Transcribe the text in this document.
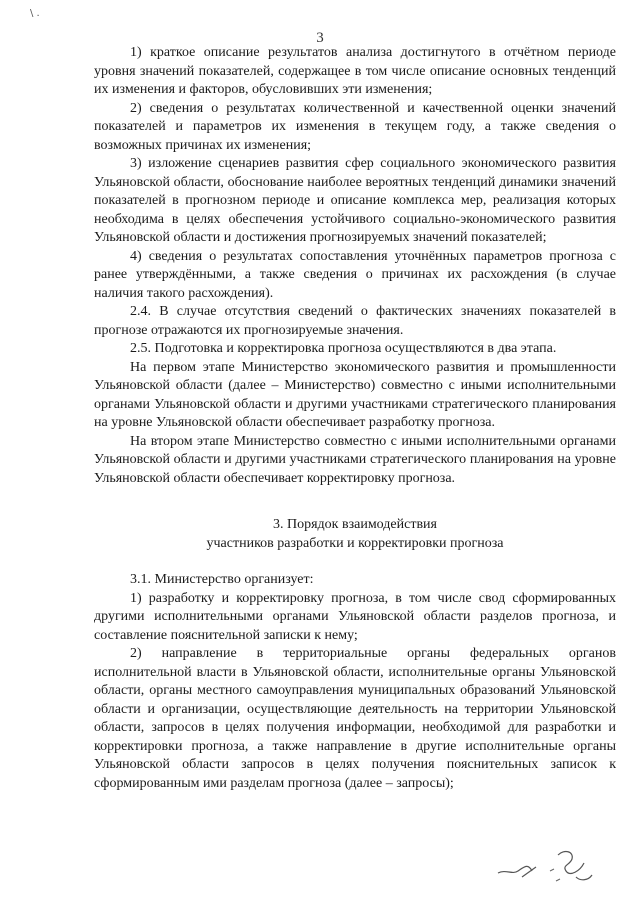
\ .
3

1) краткое описание результатов анализа достигнутого в отчётном периоде уровня значений показателей, содержащее в том числе описание основных тенденций их изменения и факторов, обусловивших эти изменения;

2) сведения о результатах количественной и качественной оценки значений показателей и параметров их изменения в текущем году, а также сведения о возможных причинах их изменения;

3) изложение сценариев развития сфер социального экономического развития Ульяновской области, обоснование наиболее вероятных тенденций динамики значений показателей в прогнозном периоде и описание комплекса мер, реализация которых необходима в целях обеспечения устойчивого социально-экономического развития Ульяновской области и достижения прогнозируемых значений показателей;

4) сведения о результатах сопоставления уточнённых параметров прогноза с ранее утверждёнными, а также сведения о причинах их расхождения (в случае наличия такого расхождения).

2.4. В случае отсутствия сведений о фактических значениях показателей в прогнозе отражаются их прогнозируемые значения.

2.5. Подготовка и корректировка прогноза осуществляются в два этапа.

На первом этапе Министерство экономического развития и промышленности Ульяновской области (далее – Министерство) совместно с иными исполнительными органами Ульяновской области и другими участниками стратегического планирования на уровне Ульяновской области обеспечивает разработку прогноза.

На втором этапе Министерство совместно с иными исполнительными органами Ульяновской области и другими участниками стратегического планирования на уровне Ульяновской области обеспечивает корректировку прогноза.

3. Порядок взаимодействия

участников разработки и корректировки прогноза

3.1. Министерство организует:

1) разработку и корректировку прогноза, в том числе свод сформированных другими исполнительными органами Ульяновской области разделов прогноза, и составление пояснительной записки к нему;

2) направление в территориальные органы федеральных органов исполнительной власти в Ульяновской области, исполнительные органы Ульяновской области, органы местного самоуправления муниципальных образований Ульяновской области и организации, осуществляющие деятельность на территории Ульяновской области, запросов в целях получения информации, необходимой для разработки и корректировки прогноза, а также направление в другие исполнительные органы Ульяновской области запросов в целях получения пояснительных записок к сформированным ими разделам прогноза (далее – запросы);
